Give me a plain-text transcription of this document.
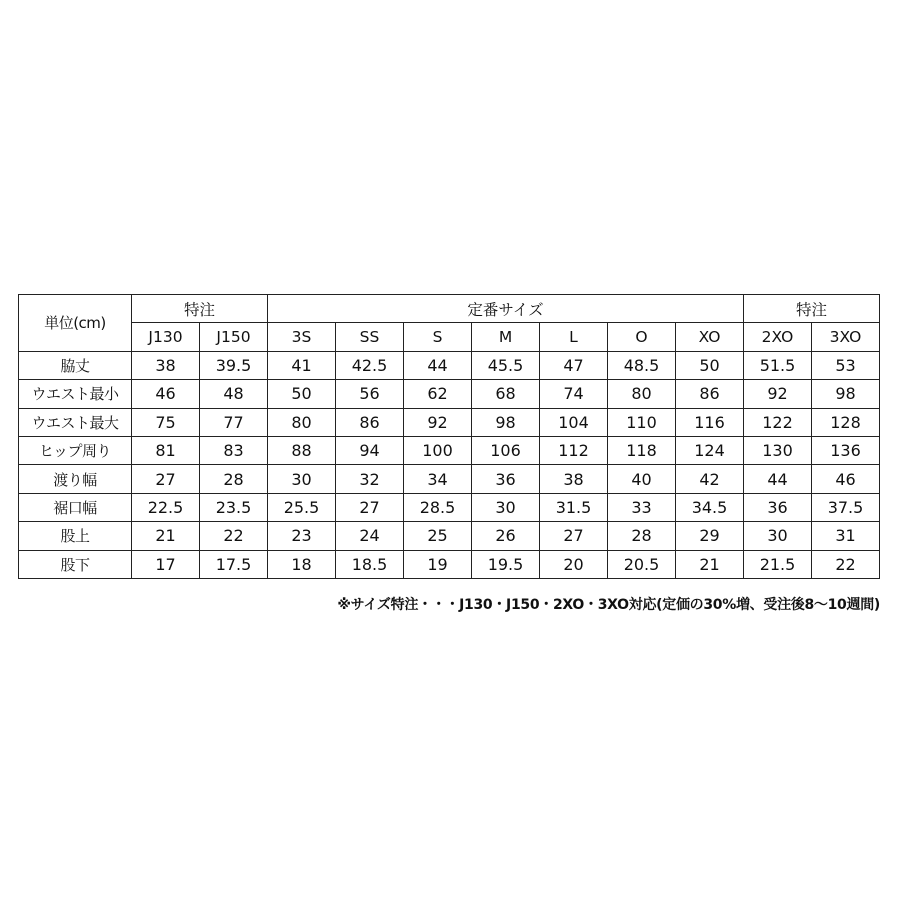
単位(cm)	特注		定番サイズ							特注	
	J130	J150	3S	SS	S	M	L	O	XO	2XO	3XO
脇丈	38	39.5	41	42.5	44	45.5	47	48.5	50	51.5	53
ウエスト最小	46	48	50	56	62	68	74	80	86	92	98
ウエスト最大	75	77	80	86	92	98	104	110	116	122	128
ヒップ周り	81	83	88	94	100	106	112	118	124	130	136
渡り幅	27	28	30	32	34	36	38	40	42	44	46
裾口幅	22.5	23.5	25.5	27	28.5	30	31.5	33	34.5	36	37.5
股上	21	22	23	24	25	26	27	28	29	30	31
股下	17	17.5	18	18.5	19	19.5	20	20.5	21	21.5	22
※サイズ特注・・・J130・J150・2XO・3XO対応(定価の30%増、受注後8〜10週間)
